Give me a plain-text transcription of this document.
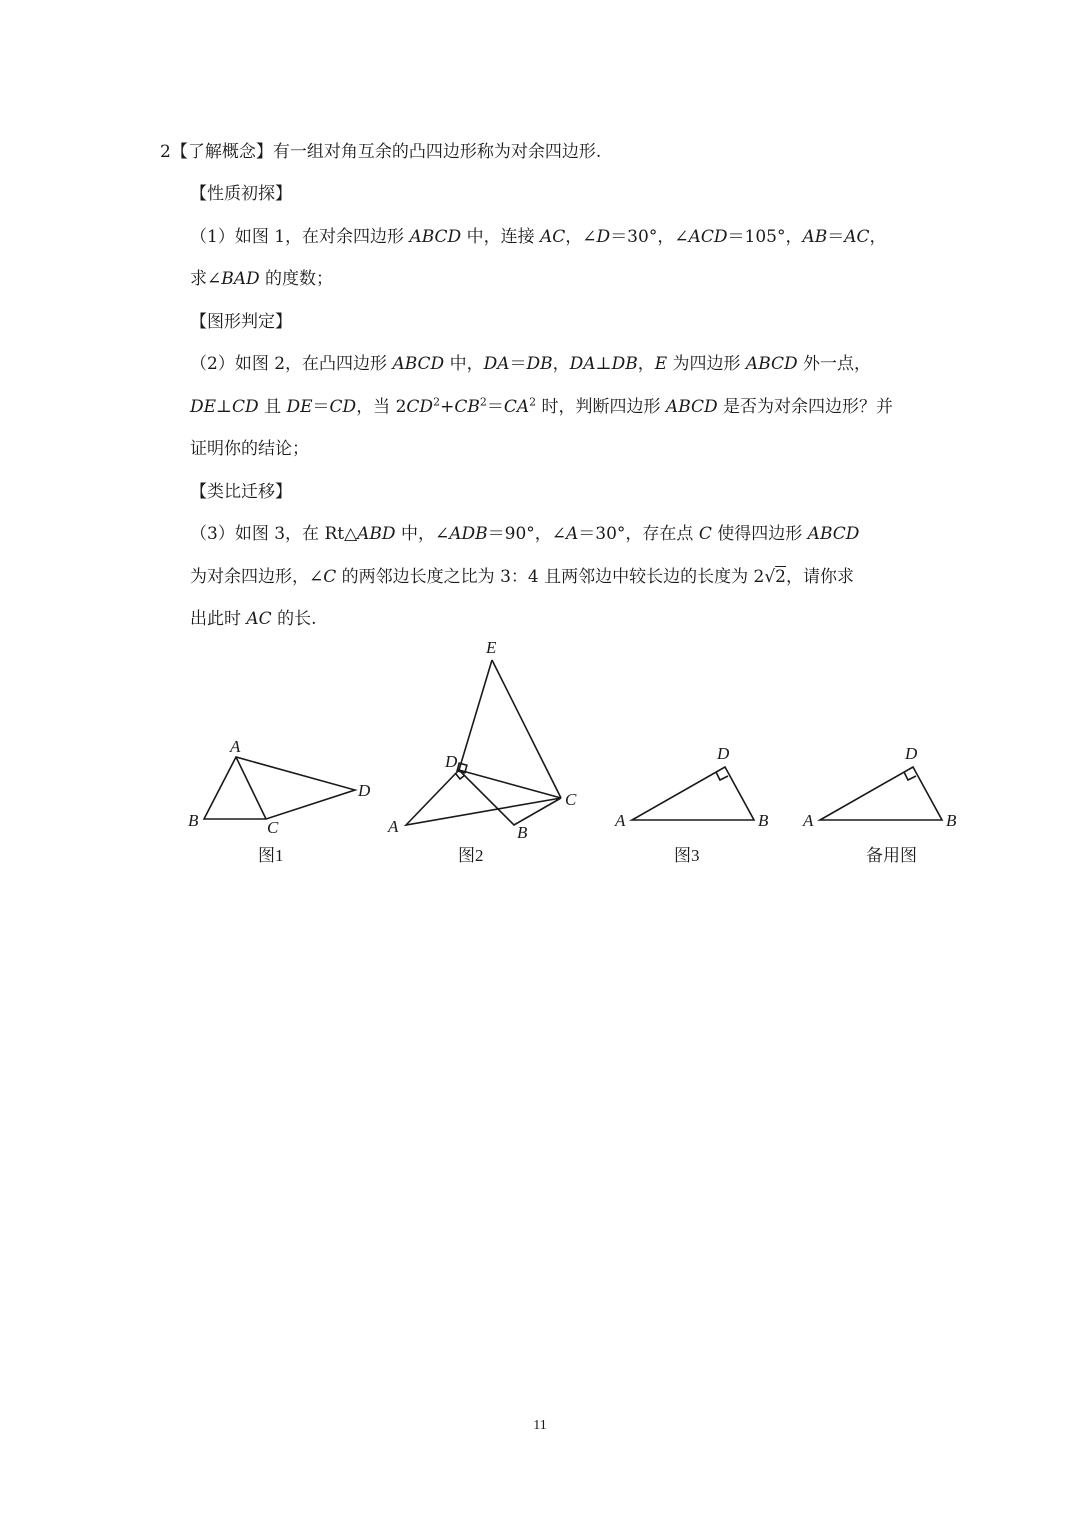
2【了解概念】有一组对角互余的凸四边形称为对余四边形.
【性质初探】
（1）如图 1，在对余四边形 ABCD 中，连接 AC，∠D＝30°，∠ACD＝105°，AB＝AC，
求∠BAD 的度数；
【图形判定】
（2）如图 2，在凸四边形 ABCD 中，DA＝DB，DA⊥DB，E 为四边形 ABCD 外一点，
DE⊥CD 且 DE＝CD，当 $2CD^2+CB^2=CA^2$ 时，判断四边形 ABCD 是否为对余四边形？并
证明你的结论；
【类比迁移】
（3）如图 3，在 Rt△ABD 中，∠ADB＝90°，∠A＝30°，存在点 C 使得四边形 ABCD
为对余四边形，∠C 的两邻边长度之比为 3：4 且两邻边中较长边的长度为 2√2，请你求
出此时 AC 的长.
A
B	C
D
图1
E
D
A	B
C
图2
A	B
D
图3
A	B
D
备用图
11
